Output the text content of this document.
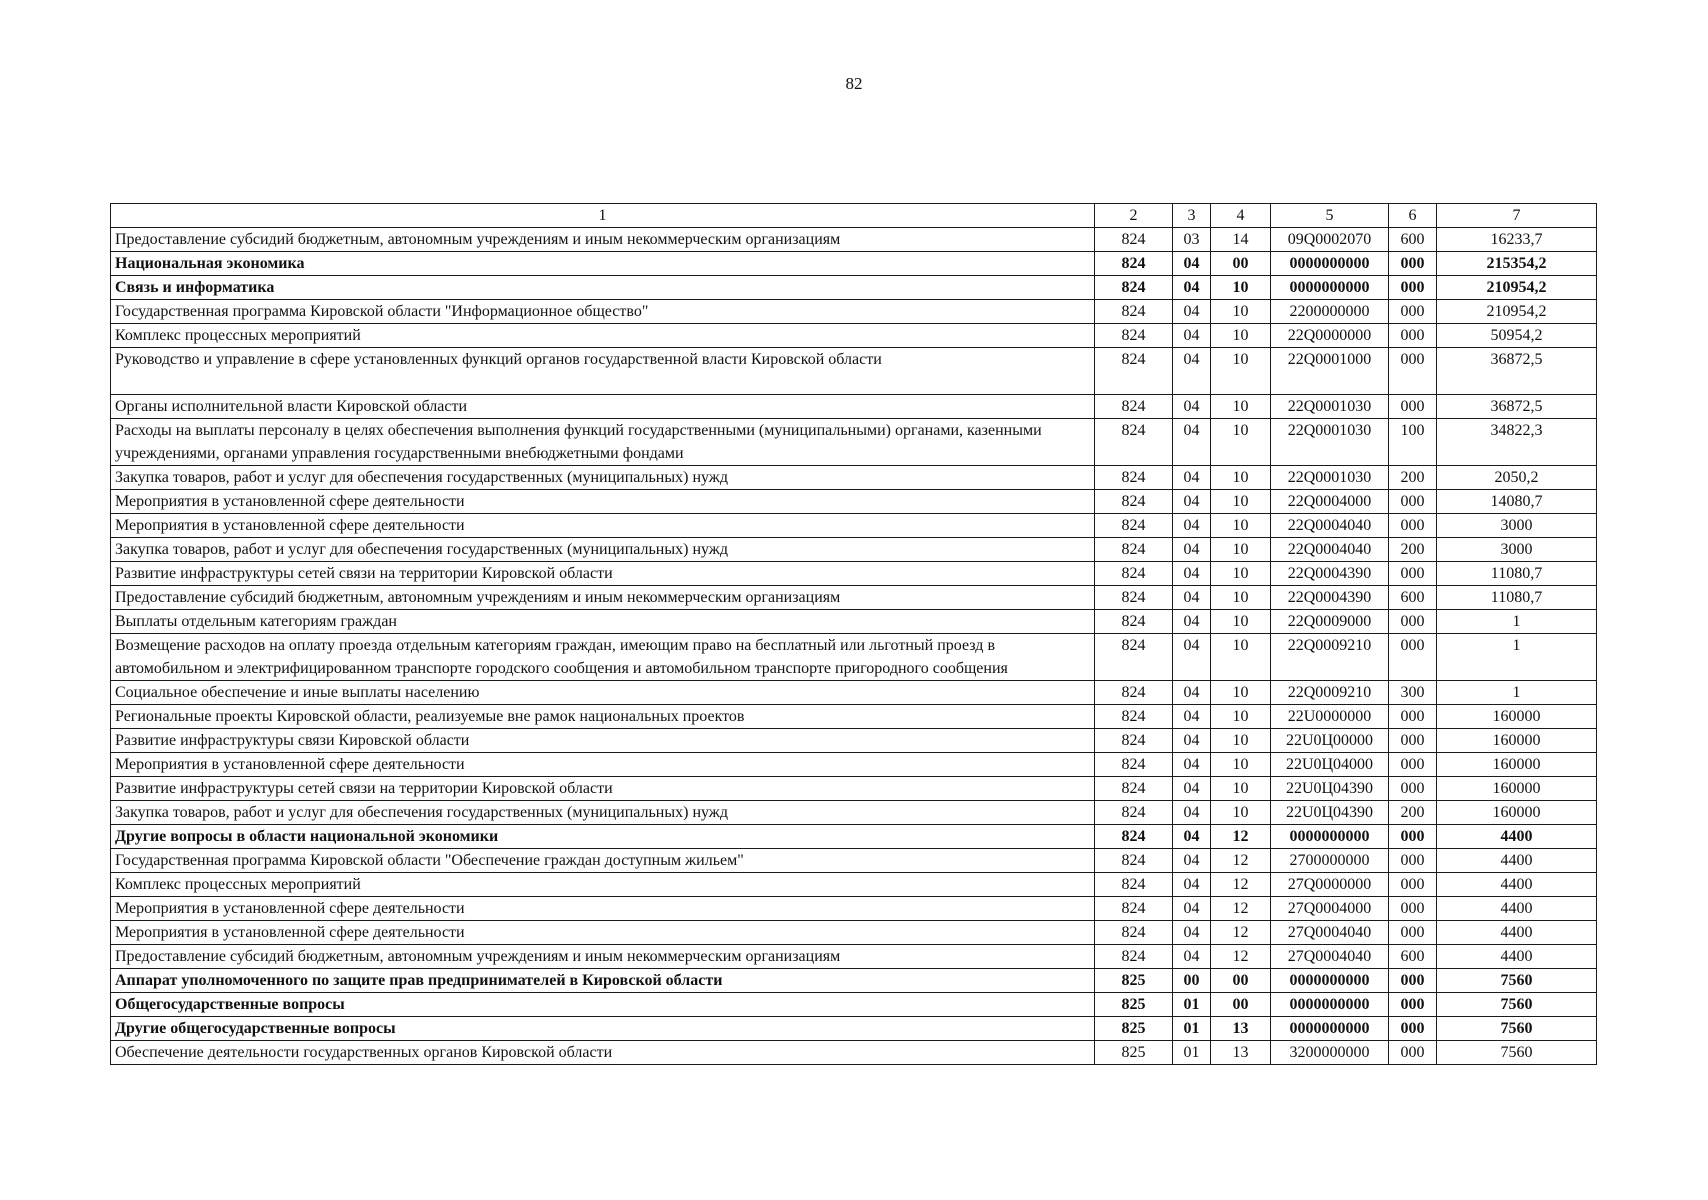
82
1	2	3	4	5	6	7
Предоставление субсидий бюджетным, автономным учреждениям и иным некоммерческим организациям	824	03	14	09Q0002070	600	16233,7
Национальная экономика	824	04	00	0000000000	000	215354,2
Связь и информатика	824	04	10	0000000000	000	210954,2
Государственная программа Кировской области "Информационное общество"	824	04	10	2200000000	000	210954,2
Комплекс процессных мероприятий	824	04	10	22Q0000000	000	50954,2
Руководство и управление в сфере установленных функций органов государственной власти Кировской области	824	04	10	22Q0001000	000	36872,5
Органы исполнительной власти Кировской области	824	04	10	22Q0001030	000	36872,5
Расходы на выплаты персоналу в целях обеспечения выполнения функций государственными (муниципальными) органами, казенными учреждениями, органами управления государственными внебюджетными фондами	824	04	10	22Q0001030	100	34822,3
Закупка товаров, работ и услуг для обеспечения государственных (муниципальных) нужд	824	04	10	22Q0001030	200	2050,2
Мероприятия в установленной сфере деятельности	824	04	10	22Q0004000	000	14080,7
Мероприятия в установленной сфере деятельности	824	04	10	22Q0004040	000	3000
Закупка товаров, работ и услуг для обеспечения государственных (муниципальных) нужд	824	04	10	22Q0004040	200	3000
Развитие инфраструктуры сетей связи на территории Кировской области	824	04	10	22Q0004390	000	11080,7
Предоставление субсидий бюджетным, автономным учреждениям и иным некоммерческим организациям	824	04	10	22Q0004390	600	11080,7
Выплаты отдельным категориям граждан	824	04	10	22Q0009000	000	1
Возмещение расходов на оплату проезда отдельным категориям граждан, имеющим право на бесплатный или льготный проезд в автомобильном и электрифицированном транспорте городского сообщения и автомобильном транспорте пригородного сообщения	824	04	10	22Q0009210	000	1
Социальное обеспечение и иные выплаты населению	824	04	10	22Q0009210	300	1
Региональные проекты Кировской области, реализуемые вне рамок национальных проектов	824	04	10	22U0000000	000	160000
Развитие инфраструктуры связи Кировской области	824	04	10	22U0Ц00000	000	160000
Мероприятия в установленной сфере деятельности	824	04	10	22U0Ц04000	000	160000
Развитие инфраструктуры сетей связи на территории Кировской области	824	04	10	22U0Ц04390	000	160000
Закупка товаров, работ и услуг для обеспечения государственных (муниципальных) нужд	824	04	10	22U0Ц04390	200	160000
Другие вопросы в области национальной экономики	824	04	12	0000000000	000	4400
Государственная программа Кировской области "Обеспечение граждан доступным жильем"	824	04	12	2700000000	000	4400
Комплекс процессных мероприятий	824	04	12	27Q0000000	000	4400
Мероприятия в установленной сфере деятельности	824	04	12	27Q0004000	000	4400
Мероприятия в установленной сфере деятельности	824	04	12	27Q0004040	000	4400
Предоставление субсидий бюджетным, автономным учреждениям и иным некоммерческим организациям	824	04	12	27Q0004040	600	4400
Аппарат уполномоченного по защите прав предпринимателей в Кировской области	825	00	00	0000000000	000	7560
Общегосударственные вопросы	825	01	00	0000000000	000	7560
Другие общегосударственные вопросы	825	01	13	0000000000	000	7560
Обеспечение деятельности государственных органов Кировской области	825	01	13	3200000000	000	7560
